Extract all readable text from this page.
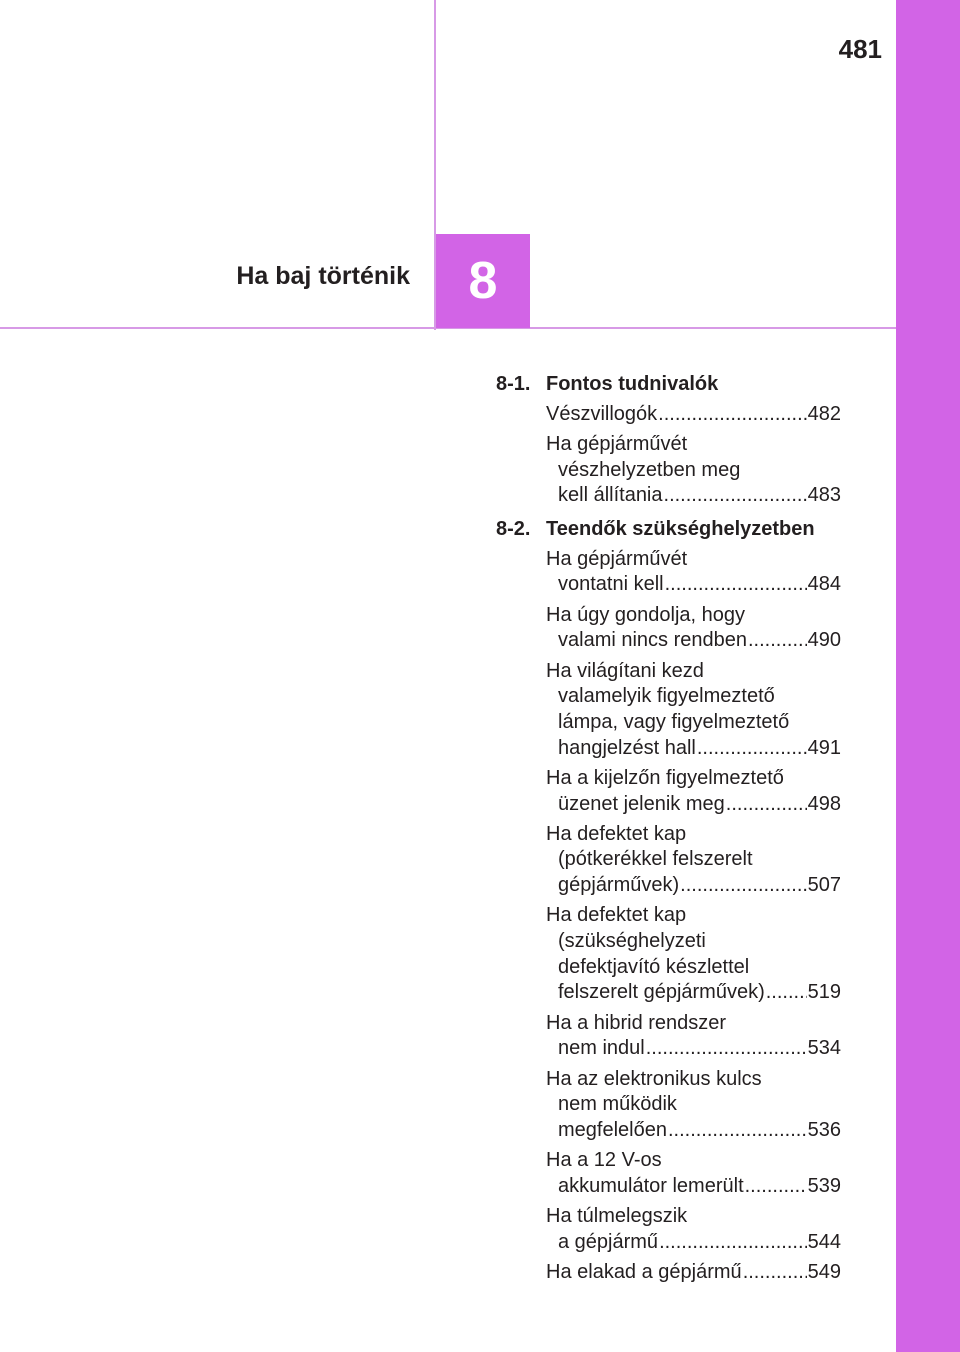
481
8
Ha baj történik
8-1. Fontos tudnivalók
Vészvillogók .....	482
Ha gépjárművét
vészhelyzetben meg
kell állítania .....	483
8-2. Teendők szükséghelyzetben
Ha gépjárművét
vontatni kell .....	484
Ha úgy gondolja, hogy
valami nincs rendben .....	490
Ha világítani kezd
valamelyik figyelmeztető
lámpa, vagy figyelmeztető
hangjelzést hall .....	491
Ha a kijelzőn figyelmeztető
üzenet jelenik meg .....	498
Ha defektet kap
(pótkerékkel felszerelt
gépjárművek) .....	507
Ha defektet kap
(szükséghelyzeti
defektjavító készlettel
felszerelt gépjárművek) ..... 519
Ha a hibrid rendszer
nem indul .....	534
Ha az elektronikus kulcs
nem működik
megfelelően .....	536
Ha a 12 V-os
akkumulátor lemerült .....	539
Ha túlmelegszik
a gépjármű .....	544
Ha elakad a gépjármű .....	549
